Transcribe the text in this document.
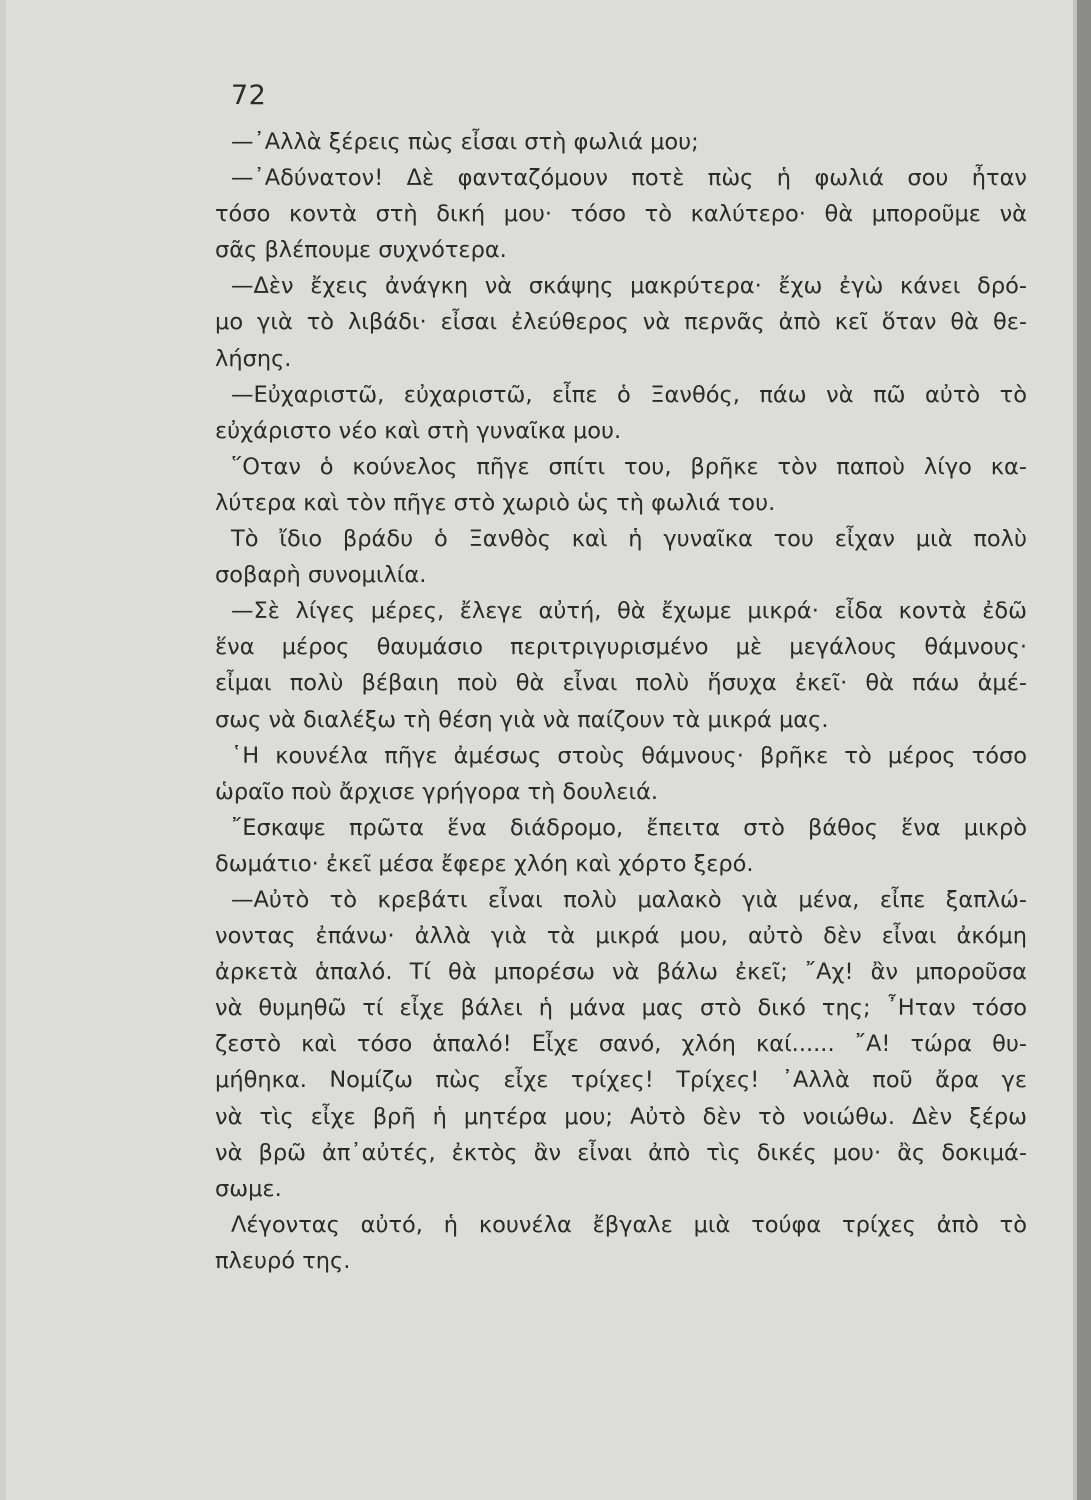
72
—᾽Αλλὰ ξέρεις πὼς εἶσαι στὴ φωλιά μου;
—᾽Αδύνατον! Δὲ φανταζόμουν ποτὲ πὼς ἡ φωλιά σου ἦταν
τόσο κοντὰ στὴ δική μου· τόσο τὸ καλύτερο· θὰ μποροῦμε νὰ
σᾶς βλέπουμε συχνότερα.
—Δὲν ἔχεις ἀνάγκη νὰ σκάψης μακρύτερα· ἔχω ἐγὼ κάνει δρό-
μο γιὰ τὸ λιβάδι· εἶσαι ἐλεύθερος νὰ περνᾶς ἀπὸ κεῖ ὅταν θὰ θε-
λήσης.
—Εὐχαριστῶ, εὐχαριστῶ, εἶπε ὁ Ξανθός, πάω νὰ πῶ αὐτὸ τὸ
εὐχάριστο νέο καὶ στὴ γυναῖκα μου.
῞Οταν ὁ κούνελος πῆγε σπίτι του, βρῆκε τὸν παποὺ λίγο κα-
λύτερα καὶ τὸν πῆγε στὸ χωριὸ ὡς τὴ φωλιά του.
Τὸ ἴδιο βράδυ ὁ Ξανθὸς καὶ ἡ γυναῖκα του εἶχαν μιὰ πολὺ
σοβαρὴ συνομιλία.
—Σὲ λίγες μέρες, ἔλεγε αὐτή, θὰ ἔχωμε μικρά· εἶδα κοντὰ ἐδῶ
ἕνα μέρος θαυμάσιο περιτριγυρισμένο μὲ μεγάλους θάμνους·
εἶμαι πολὺ βέβαιη ποὺ θὰ εἶναι πολὺ ἥσυχα ἐκεῖ· θὰ πάω ἀμέ-
σως νὰ διαλέξω τὴ θέση γιὰ νὰ παίζουν τὰ μικρά μας.
῾Η κουνέλα πῆγε ἀμέσως στοὺς θάμνους· βρῆκε τὸ μέρος τόσο
ὡραῖο ποὺ ἄρχισε γρήγορα τὴ δουλειά.
῎Εσκαψε πρῶτα ἕνα διάδρομο, ἔπειτα στὸ βάθος ἕνα μικρὸ
δωμάτιο· ἐκεῖ μέσα ἔφερε χλόη καὶ χόρτο ξερό.
—Αὐτὸ τὸ κρεβάτι εἶναι πολὺ μαλακὸ γιὰ μένα, εἶπε ξαπλώ-
νοντας ἐπάνω· ἀλλὰ γιὰ τὰ μικρά μου, αὐτὸ δὲν εἶναι ἀκόμη
ἀρκετὰ ἁπαλό. Τί θὰ μπορέσω νὰ βάλω ἐκεῖ; ῎Αχ! ἂν μποροῦσα
νὰ θυμηθῶ τί εἶχε βάλει ἡ μάνα μας στὸ δικό της; ῏Ηταν τόσο
ζεστὸ καὶ τόσο ἁπαλό! Εἶχε σανό, χλόη καί...... ῎Α! τώρα θυ-
μήθηκα. Νομίζω πὼς εἶχε τρίχες! Τρίχες! ᾽Αλλὰ ποῦ ἄρα γε
νὰ τὶς εἶχε βρῆ ἡ μητέρα μου; Αὐτὸ δὲν τὸ νοιώθω. Δὲν ξέρω
νὰ βρῶ ἀπ᾽αὐτές, ἐκτὸς ἂν εἶναι ἀπὸ τὶς δικές μου· ἂς δοκιμά-
σωμε.
Λέγοντας αὐτό, ἡ κουνέλα ἔβγαλε μιὰ τούφα τρίχες ἀπὸ τὸ
πλευρό της.
